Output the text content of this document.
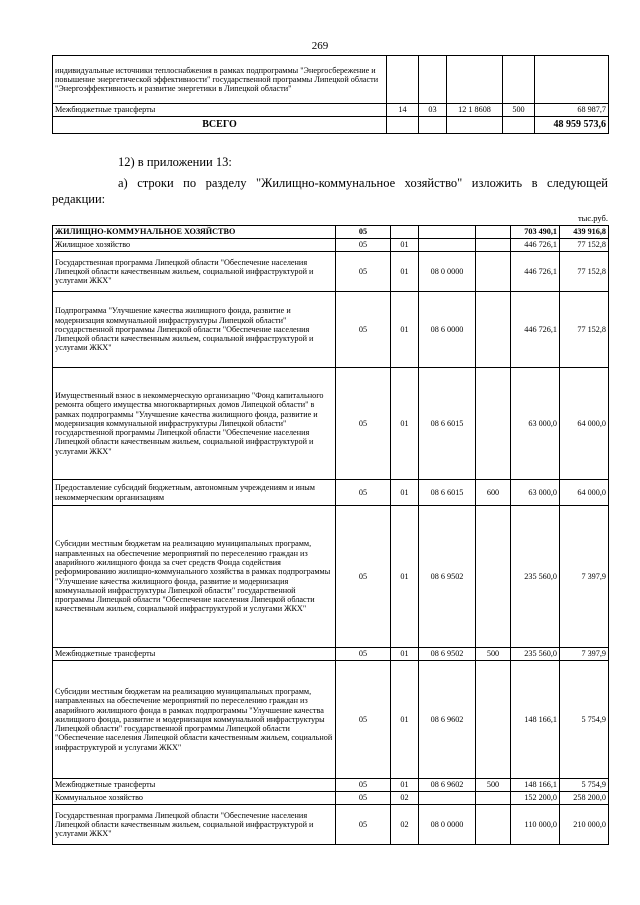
269
индивидуальные источники теплоснабжения в рамках подпрограммы "Энергосбережение и повышение энергетической эффективности" государственной программы Липецкой области "Энергоэффективность и развитие энергетики в Липецкой области"					
Межбюджетные трансферты	14	03	12 1 8608	500	68 987,7
ВСЕГО					48 959 573,6
12) в приложении 13:
а) строки по разделу "Жилищно-коммунальное хозяйство" изложить в следующей редакции:
тыс.руб.
ЖИЛИЩНО-КОММУНАЛЬНОЕ ХОЗЯЙСТВО	05				703 490,1	439 916,8
Жилищное хозяйство	05	01			446 726,1	77 152,8
Государственная программа Липецкой области "Обеспечение населения Липецкой области качественным жильем, социальной инфраструктурой и услугами ЖКХ"	05	01	08 0 0000		446 726,1	77 152,8
Подпрограмма "Улучшение качества жилищного фонда, развитие и модернизация коммунальной инфраструктуры Липецкой области" государственной программы Липецкой области "Обеспечение населения Липецкой области качественным жильем, социальной инфраструктурой и услугами ЖКХ"	05	01	08 6 0000		446 726,1	77 152,8
Имущественный взнос в некоммерческую организацию "Фонд капитального ремонта общего имущества многоквартирных домов Липецкой области" в рамках подпрограммы "Улучшение качества жилищного фонда, развитие и модернизация коммунальной инфраструктуры Липецкой области" государственной программы Липецкой области "Обеспечение населения Липецкой области качественным жильем, социальной инфраструктурой и услугами ЖКХ"	05	01	08 6 6015		63 000,0	64 000,0
Предоставление субсидий бюджетным, автономным учреждениям и иным некоммерческим организациям	05	01	08 6 6015	600	63 000,0	64 000,0
Субсидии местным бюджетам на реализацию муниципальных программ, направленных на обеспечение мероприятий по переселению граждан из аварийного жилищного фонда за счет средств Фонда содействия реформированию жилищно-коммунального хозяйства в рамках подпрограммы "Улучшение качества жилищного фонда, развитие и модернизация коммунальной инфраструктуры Липецкой области" государственной программы Липецкой области "Обеспечение населения Липецкой области качественным жильем, социальной инфраструктурой и услугами ЖКХ"	05	01	08 6 9502		235 560,0	7 397,9
Межбюджетные трансферты	05	01	08 6 9502	500	235 560,0	7 397,9
Субсидии местным бюджетам на реализацию муниципальных программ, направленных на обеспечение мероприятий по переселению граждан из аварийного жилищного фонда в рамках подпрограммы "Улучшение качества жилищного фонда, развитие и модернизация коммунальной инфраструктуры Липецкой области" государственной программы Липецкой области "Обеспечение населения Липецкой области качественным жильем, социальной инфраструктурой и услугами ЖКХ"	05	01	08 6 9602		148 166,1	5 754,9
Межбюджетные трансферты	05	01	08 6 9602	500	148 166,1	5 754,9
Коммунальное хозяйство	05	02			152 200,0	258 200,0
Государственная программа Липецкой области "Обеспечение населения Липецкой области качественным жильем, социальной инфраструктурой и услугами ЖКХ"	05	02	08 0 0000		110 000,0	210 000,0
